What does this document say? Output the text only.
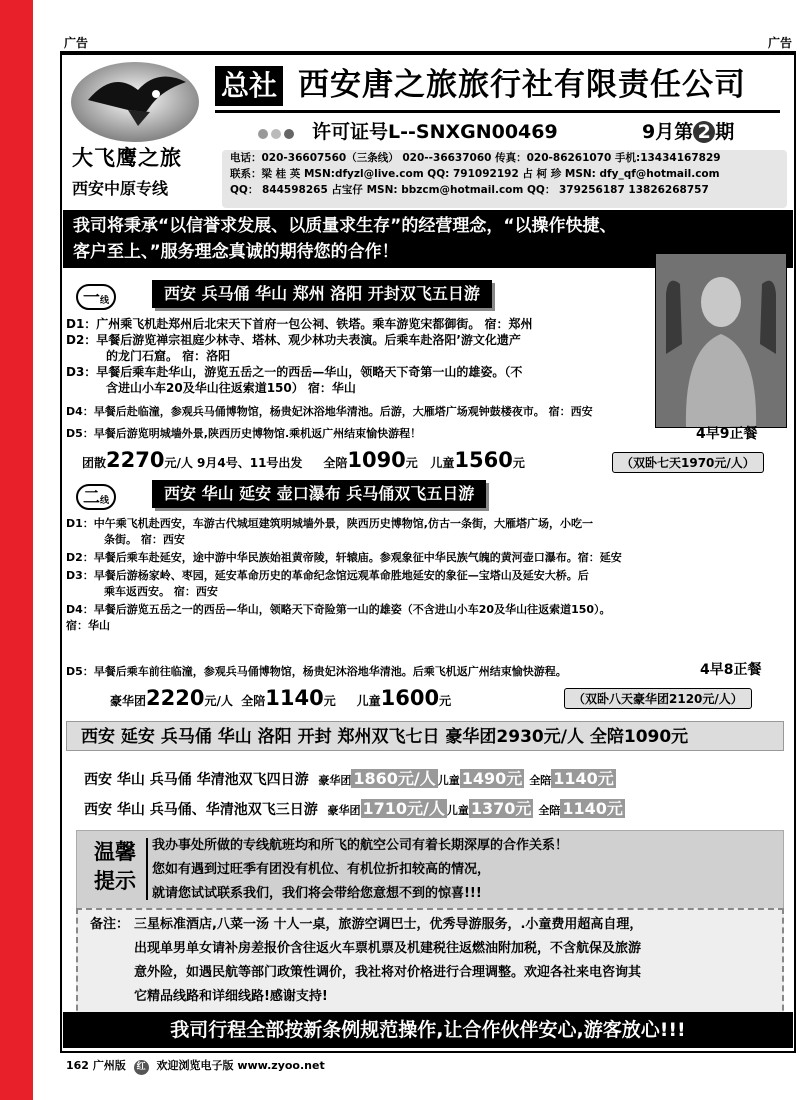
广告	广告
大飞鹰之旅
西安中原专线
总社 西安唐之旅旅行社有限责任公司
许可证号L--SNXGN00469	9月第 2 期
电话：020-36607560（三条线） 020--36637060 传真：020-86261070 手机:13434167829
联系：梁 桂 英 MSN:dfyzl@live.com QQ: 791092192 占 柯 珍 MSN: dfy_qf@hotmail.com
QQ： 844598265 占宝仔 MSN: bbzcm@hotmail.com QQ： 379256187 13826268757
我司将秉承“以信誉求发展、以质量求生存”的经营理念，“以操作快捷、
客户至上、”服务理念真诚的期待您的合作！
一线	西安 兵马俑 华山 郑州 洛阳 开封双飞五日游
D1：广州乘飞机赴郑州后北宋天下首府一包公祠、铁塔。乘车游览宋都御街。 宿：郑州
D2：早餐后游览禅宗祖庭少林寺、塔林、观少林功夫表演。后乘车赴洛阳’游文化遗产
的龙门石窟。 宿：洛阳
D3：早餐后乘车赴华山，游览五岳之一的西岳—华山，领略天下奇第一山的雄姿。（不
含进山小车20及华山往返索道150） 宿：华山
D4：早餐后赴临潼，参观兵马俑博物馆，杨贵妃沐浴地华清池。后游，大雁塔广场观钟鼓楼夜市。 宿：西安
D5：早餐后游览明城墙外景,陕西历史博物馆.乘机返广州结束愉快游程！	4早9正餐
团散2270元/人 9月4号、11号出发 全陪1090元 儿童1560元	（双卧七天1970元/人）
二线	西安 华山 延安 壶口瀑布 兵马俑双飞五日游
D1：中午乘飞机赴西安，车游古代城垣建筑明城墙外景，陕西历史博物馆,仿古一条街，大雁塔广场，小吃一
条街。 宿：西安
D2：早餐后乘车赴延安，途中游中华民族始祖黄帝陵，轩辕庙。参观象征中华民族气魄的黄河壶口瀑布。宿：延安
D3：早餐后游杨家岭、枣园，延安革命历史的革命纪念馆远观革命胜地延安的象征—宝塔山及延安大桥。后
乘车返西安。 宿：西安
D4：早餐后游览五岳之一的西岳—华山，领略天下奇险第一山的雄姿（不含进山小车20及华山往返索道150）。
宿：华山
D5：早餐后乘车前往临潼，参观兵马俑博物馆，杨贵妃沐浴地华清池。后乘飞机返广州结束愉快游程。	4早8正餐
豪华团2220元/人 全陪1140元 儿童1600元	（双卧八天豪华团2120元/人）
西安 延安 兵马俑 华山 洛阳 开封 郑州双飞七日 豪华团2930元/人 全陪1090元
西安 华山 兵马俑 华清池双飞四日游 豪华团 1860元/人 儿童 1490元 全陪 1140元
西安 华山 兵马俑、华清池双飞三日游 豪华团 1710元/人 儿童 1370元 全陪 1140元
温馨
提示
我办事处所做的专线航班均和所飞的航空公司有着长期深厚的合作关系！
您如有遇到过旺季有团没有机位、有机位折扣较高的情况，
就请您试试联系我们，我们将会带给您意想不到的惊喜!!!
备注： 三星标准酒店,八菜一汤 十人一桌，旅游空调巴士，优秀导游服务，.小童费用超高自理，
出现单男单女请补房差报价含往返火车票机票及机建税往返燃油附加税，不含航保及旅游
意外险，如遇民航等部门政策性调价，我社将对价格进行合理调整。欢迎各社来电咨询其
它精品线路和详细线路!感谢支持!
我司行程全部按新条例规范操作,让合作伙伴安心,游客放心!!!
162 广州版 红 欢迎浏览电子版 www.zyoo.net
